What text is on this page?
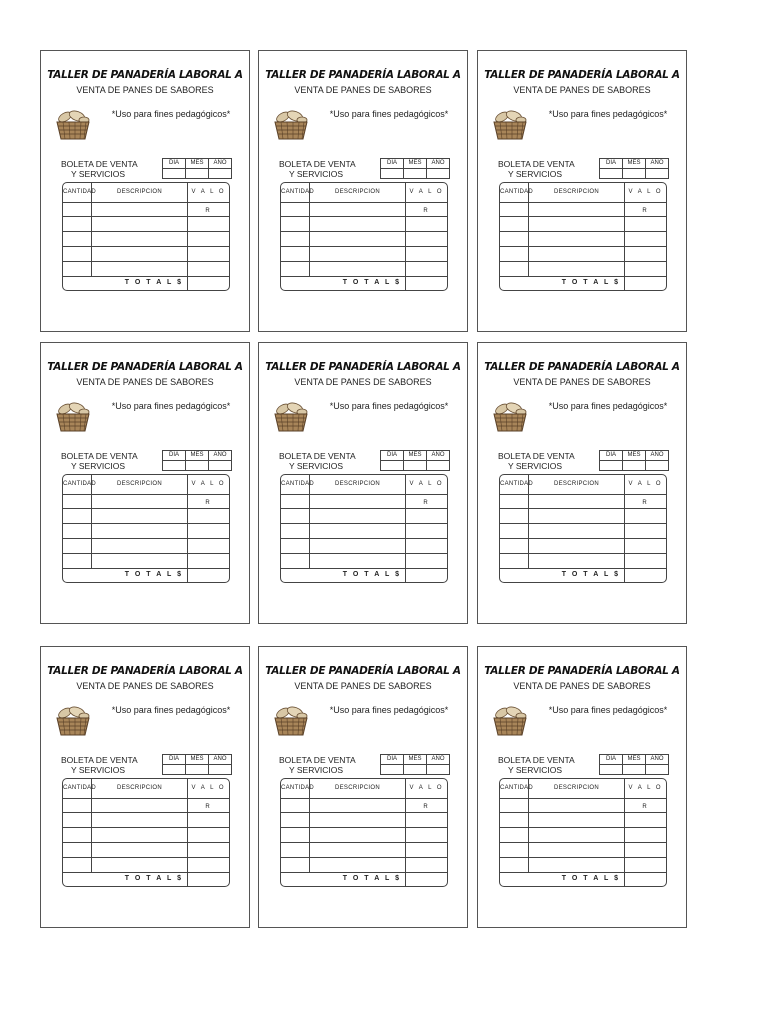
TALLER DE PANADERÍA LABORAL A
VENTA DE PANES DE SABORES
*Uso para fines pedagógicos*
BOLETA DE VENTA
Y SERVICIOS
DIA	MES	AÑO
CANTIDAD	DESCRIPCION	V A L O R
T O T A L $
TALLER DE PANADERÍA LABORAL A
VENTA DE PANES DE SABORES
*Uso para fines pedagógicos*
BOLETA DE VENTA
Y SERVICIOS
DIA	MES	AÑO
CANTIDAD	DESCRIPCION	V A L O R
T O T A L $
TALLER DE PANADERÍA LABORAL A
VENTA DE PANES DE SABORES
*Uso para fines pedagógicos*
BOLETA DE VENTA
Y SERVICIOS
DIA	MES	AÑO
CANTIDAD	DESCRIPCION	V A L O R
T O T A L $
TALLER DE PANADERÍA LABORAL A
VENTA DE PANES DE SABORES
*Uso para fines pedagógicos*
BOLETA DE VENTA
Y SERVICIOS
DIA	MES	AÑO
CANTIDAD	DESCRIPCION	V A L O R
T O T A L $
TALLER DE PANADERÍA LABORAL A
VENTA DE PANES DE SABORES
*Uso para fines pedagógicos*
BOLETA DE VENTA
Y SERVICIOS
DIA	MES	AÑO
CANTIDAD	DESCRIPCION	V A L O R
T O T A L $
TALLER DE PANADERÍA LABORAL A
VENTA DE PANES DE SABORES
*Uso para fines pedagógicos*
BOLETA DE VENTA
Y SERVICIOS
DIA	MES	AÑO
CANTIDAD	DESCRIPCION	V A L O R
T O T A L $
TALLER DE PANADERÍA LABORAL A
VENTA DE PANES DE SABORES
*Uso para fines pedagógicos*
BOLETA DE VENTA
Y SERVICIOS
DIA	MES	AÑO
CANTIDAD	DESCRIPCION	V A L O R
T O T A L $
TALLER DE PANADERÍA LABORAL A
VENTA DE PANES DE SABORES
*Uso para fines pedagógicos*
BOLETA DE VENTA
Y SERVICIOS
DIA	MES	AÑO
CANTIDAD	DESCRIPCION	V A L O R
T O T A L $
TALLER DE PANADERÍA LABORAL A
VENTA DE PANES DE SABORES
*Uso para fines pedagógicos*
BOLETA DE VENTA
Y SERVICIOS
DIA	MES	AÑO
CANTIDAD	DESCRIPCION	V A L O R
T O T A L $
